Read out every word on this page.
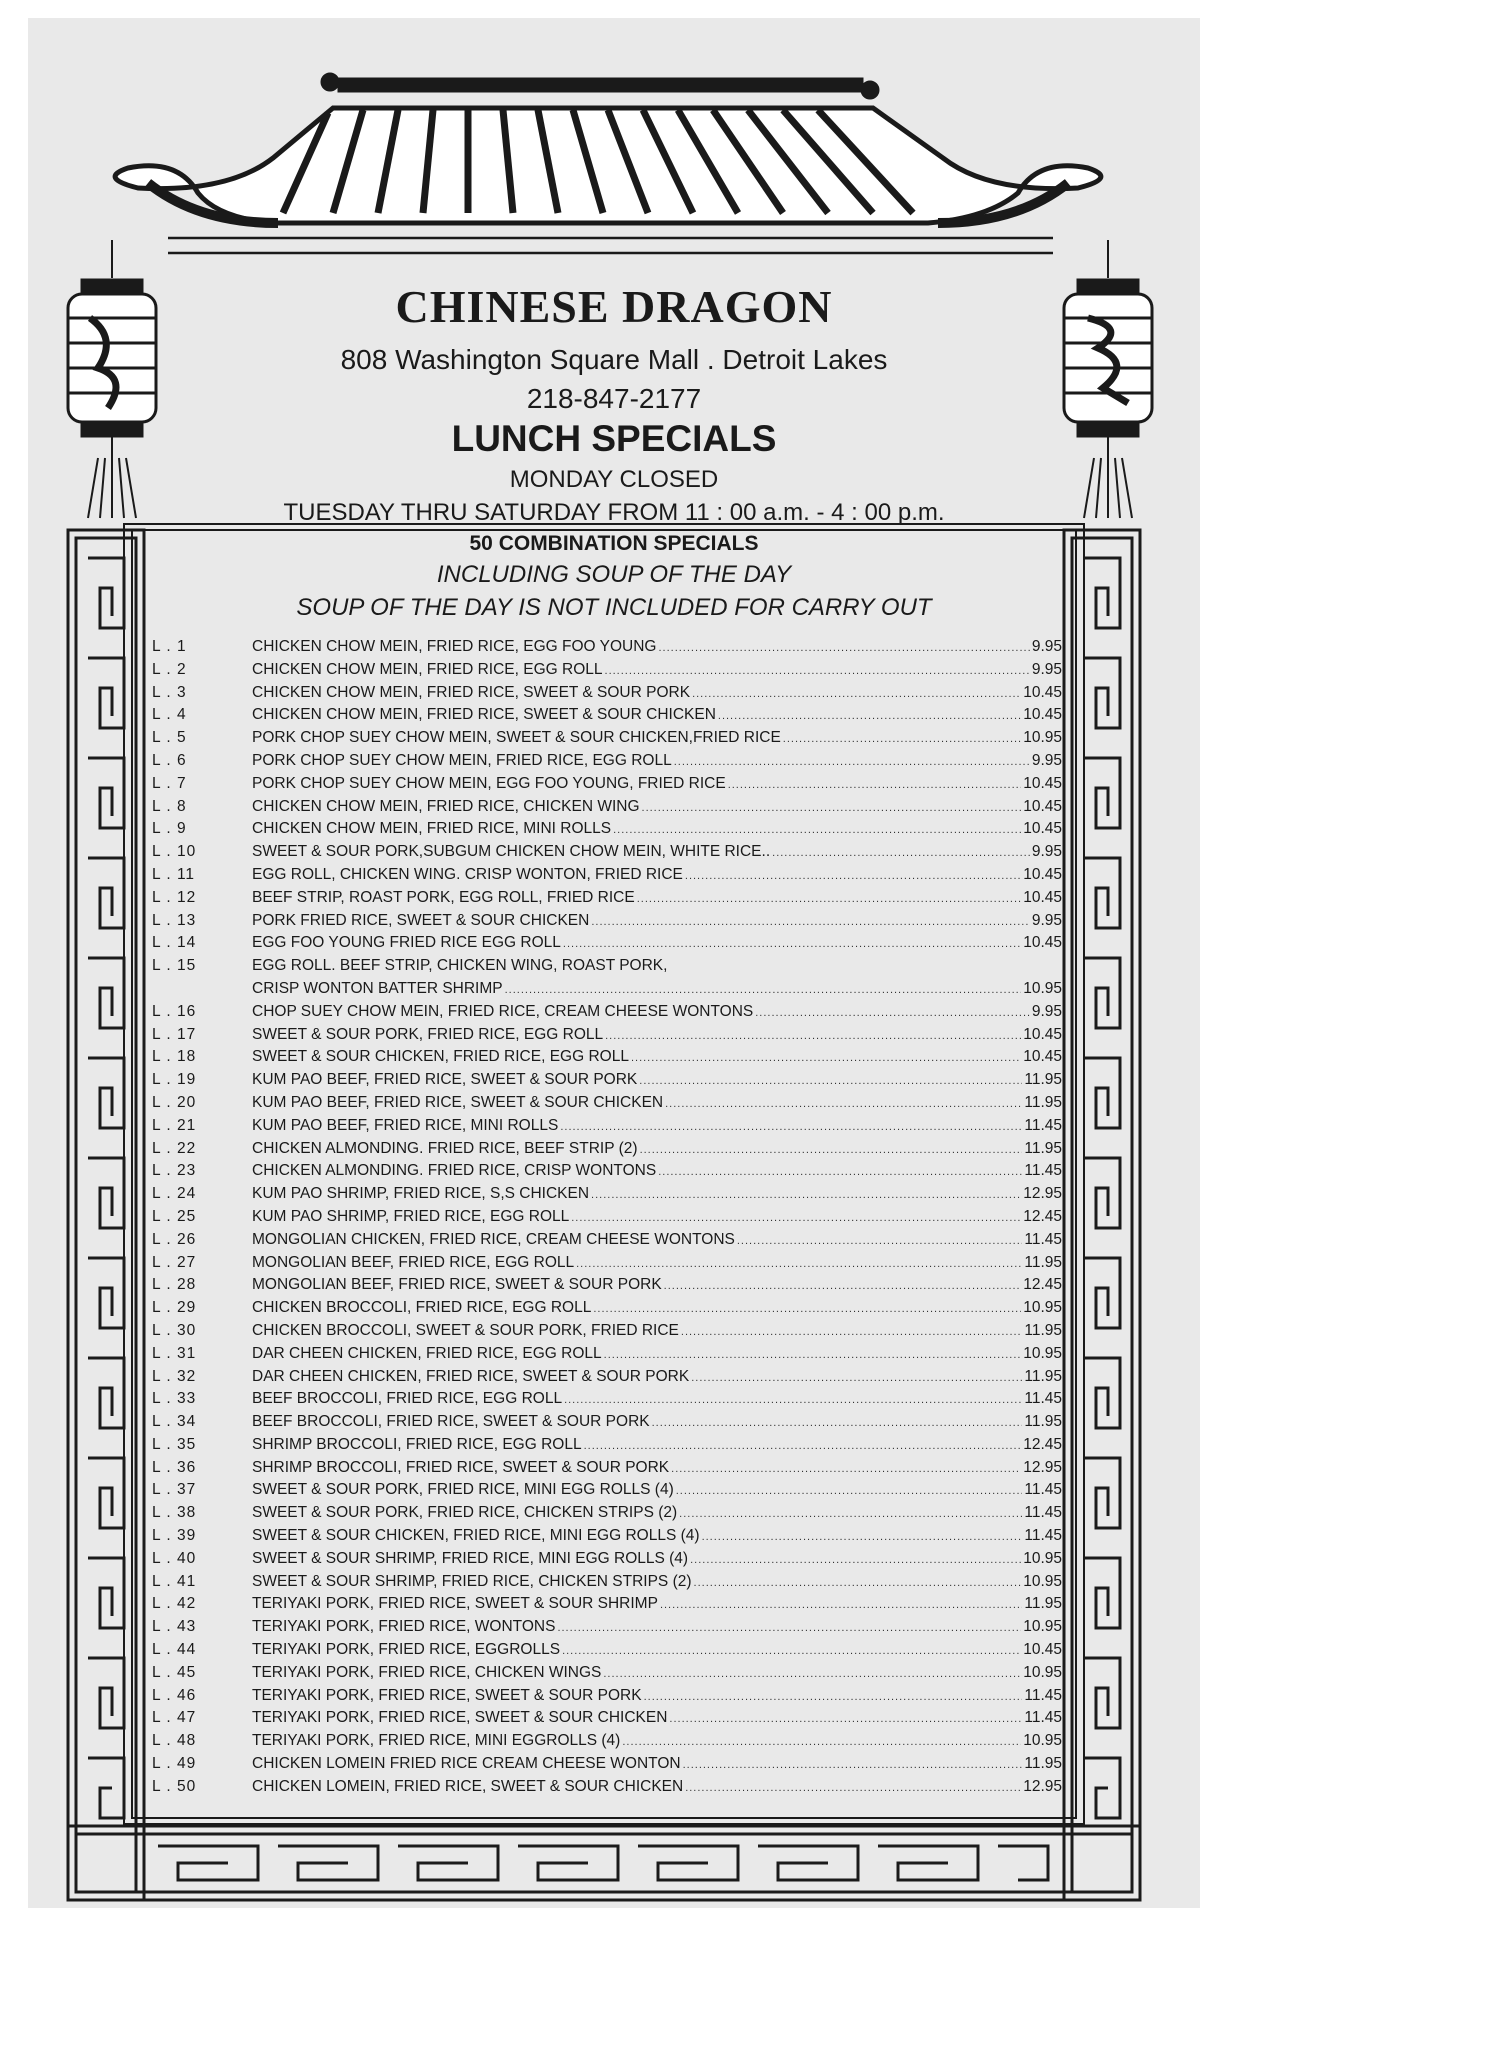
CHINESE DRAGON
808 Washington Square Mall . Detroit Lakes
218-847-2177
LUNCH SPECIALS
MONDAY CLOSED
TUESDAY THRU SATURDAY FROM 11 : 00 a.m. - 4 : 00 p.m.
50 COMBINATION SPECIALS
INCLUDING SOUP OF THE DAY
SOUP OF THE DAY IS NOT INCLUDED FOR CARRY OUT
L . 1	CHICKEN CHOW MEIN, FRIED RICE, EGG FOO YOUNG .....	9.95
L . 2	CHICKEN CHOW MEIN, FRIED RICE, EGG ROLL .....	9.95
L . 3	CHICKEN CHOW MEIN, FRIED RICE, SWEET & SOUR PORK .....	10.45
L . 4	CHICKEN CHOW MEIN, FRIED RICE, SWEET & SOUR CHICKEN .....	10.45
L . 5	PORK CHOP SUEY CHOW MEIN, SWEET & SOUR CHICKEN,FRIED RICE .....	10.95
L . 6	PORK CHOP SUEY CHOW MEIN, FRIED RICE, EGG ROLL .....	9.95
L . 7	PORK CHOP SUEY CHOW MEIN, EGG FOO YOUNG, FRIED RICE .....	10.45
L . 8	CHICKEN CHOW MEIN, FRIED RICE, CHICKEN WING .....	10.45
L . 9	CHICKEN CHOW MEIN, FRIED RICE, MINI ROLLS .....	10.45
L . 10	SWEET & SOUR PORK,SUBGUM CHICKEN CHOW MEIN, WHITE RICE.. .....	9.95
L . 11	EGG ROLL, CHICKEN WING. CRISP WONTON, FRIED RICE .....	10.45
L . 12	BEEF STRIP, ROAST PORK, EGG ROLL, FRIED RICE .....	10.45
L . 13	PORK FRIED RICE, SWEET & SOUR CHICKEN .....	9.95
L . 14	EGG FOO YOUNG FRIED RICE EGG ROLL .....	10.45
L . 15	EGG ROLL. BEEF STRIP, CHICKEN WING, ROAST PORK,
CRISP WONTON BATTER SHRIMP .....	10.95
L . 16	CHOP SUEY CHOW MEIN, FRIED RICE, CREAM CHEESE WONTONS .....	9.95
L . 17	SWEET & SOUR PORK, FRIED RICE, EGG ROLL .....	10.45
L . 18	SWEET & SOUR CHICKEN, FRIED RICE, EGG ROLL .....	10.45
L . 19	KUM PAO BEEF, FRIED RICE, SWEET & SOUR PORK .....	11.95
L . 20	KUM PAO BEEF, FRIED RICE, SWEET & SOUR CHICKEN .....	11.95
L . 21	KUM PAO BEEF, FRIED RICE, MINI ROLLS .....	11.45
L . 22	CHICKEN ALMONDING. FRIED RICE, BEEF STRIP (2) .....	11.95
L . 23	CHICKEN ALMONDING. FRIED RICE, CRISP WONTONS .....	11.45
L . 24	KUM PAO SHRIMP, FRIED RICE, S,S CHICKEN .....	12.95
L . 25	KUM PAO SHRIMP, FRIED RICE, EGG ROLL .....	12.45
L . 26	MONGOLIAN CHICKEN, FRIED RICE, CREAM CHEESE WONTONS .....	11.45
L . 27	MONGOLIAN BEEF, FRIED RICE, EGG ROLL .....	11.95
L . 28	MONGOLIAN BEEF, FRIED RICE, SWEET & SOUR PORK .....	12.45
L . 29	CHICKEN BROCCOLI, FRIED RICE, EGG ROLL .....	10.95
L . 30	CHICKEN BROCCOLI, SWEET & SOUR PORK, FRIED RICE .....	11.95
L . 31	DAR CHEEN CHICKEN, FRIED RICE, EGG ROLL .....	10.95
L . 32	DAR CHEEN CHICKEN, FRIED RICE, SWEET & SOUR PORK .....	11.95
L . 33	BEEF BROCCOLI, FRIED RICE, EGG ROLL .....	11.45
L . 34	BEEF BROCCOLI, FRIED RICE, SWEET & SOUR PORK .....	11.95
L . 35	SHRIMP BROCCOLI, FRIED RICE, EGG ROLL .....	12.45
L . 36	SHRIMP BROCCOLI, FRIED RICE, SWEET & SOUR PORK .....	12.95
L . 37	SWEET & SOUR PORK, FRIED RICE, MINI EGG ROLLS (4) .....	11.45
L . 38	SWEET & SOUR PORK, FRIED RICE, CHICKEN STRIPS (2) .....	11.45
L . 39	SWEET & SOUR CHICKEN, FRIED RICE, MINI EGG ROLLS (4) .....	11.45
L . 40	SWEET & SOUR SHRIMP, FRIED RICE, MINI EGG ROLLS (4) .....	10.95
L . 41	SWEET & SOUR SHRIMP, FRIED RICE, CHICKEN STRIPS (2) .....	10.95
L . 42	TERIYAKI PORK, FRIED RICE, SWEET & SOUR SHRIMP .....	11.95
L . 43	TERIYAKI PORK, FRIED RICE, WONTONS .....	10.95
L . 44	TERIYAKI PORK, FRIED RICE, EGGROLLS .....	10.45
L . 45	TERIYAKI PORK, FRIED RICE, CHICKEN WINGS .....	10.95
L . 46	TERIYAKI PORK, FRIED RICE, SWEET & SOUR PORK .....	11.45
L . 47	TERIYAKI PORK, FRIED RICE, SWEET & SOUR CHICKEN .....	11.45
L . 48	TERIYAKI PORK, FRIED RICE, MINI EGGROLLS (4) .....	10.95
L . 49	CHICKEN LOMEIN FRIED RICE CREAM CHEESE WONTON .....	11.95
L . 50	CHICKEN LOMEIN, FRIED RICE, SWEET & SOUR CHICKEN .....	12.95
